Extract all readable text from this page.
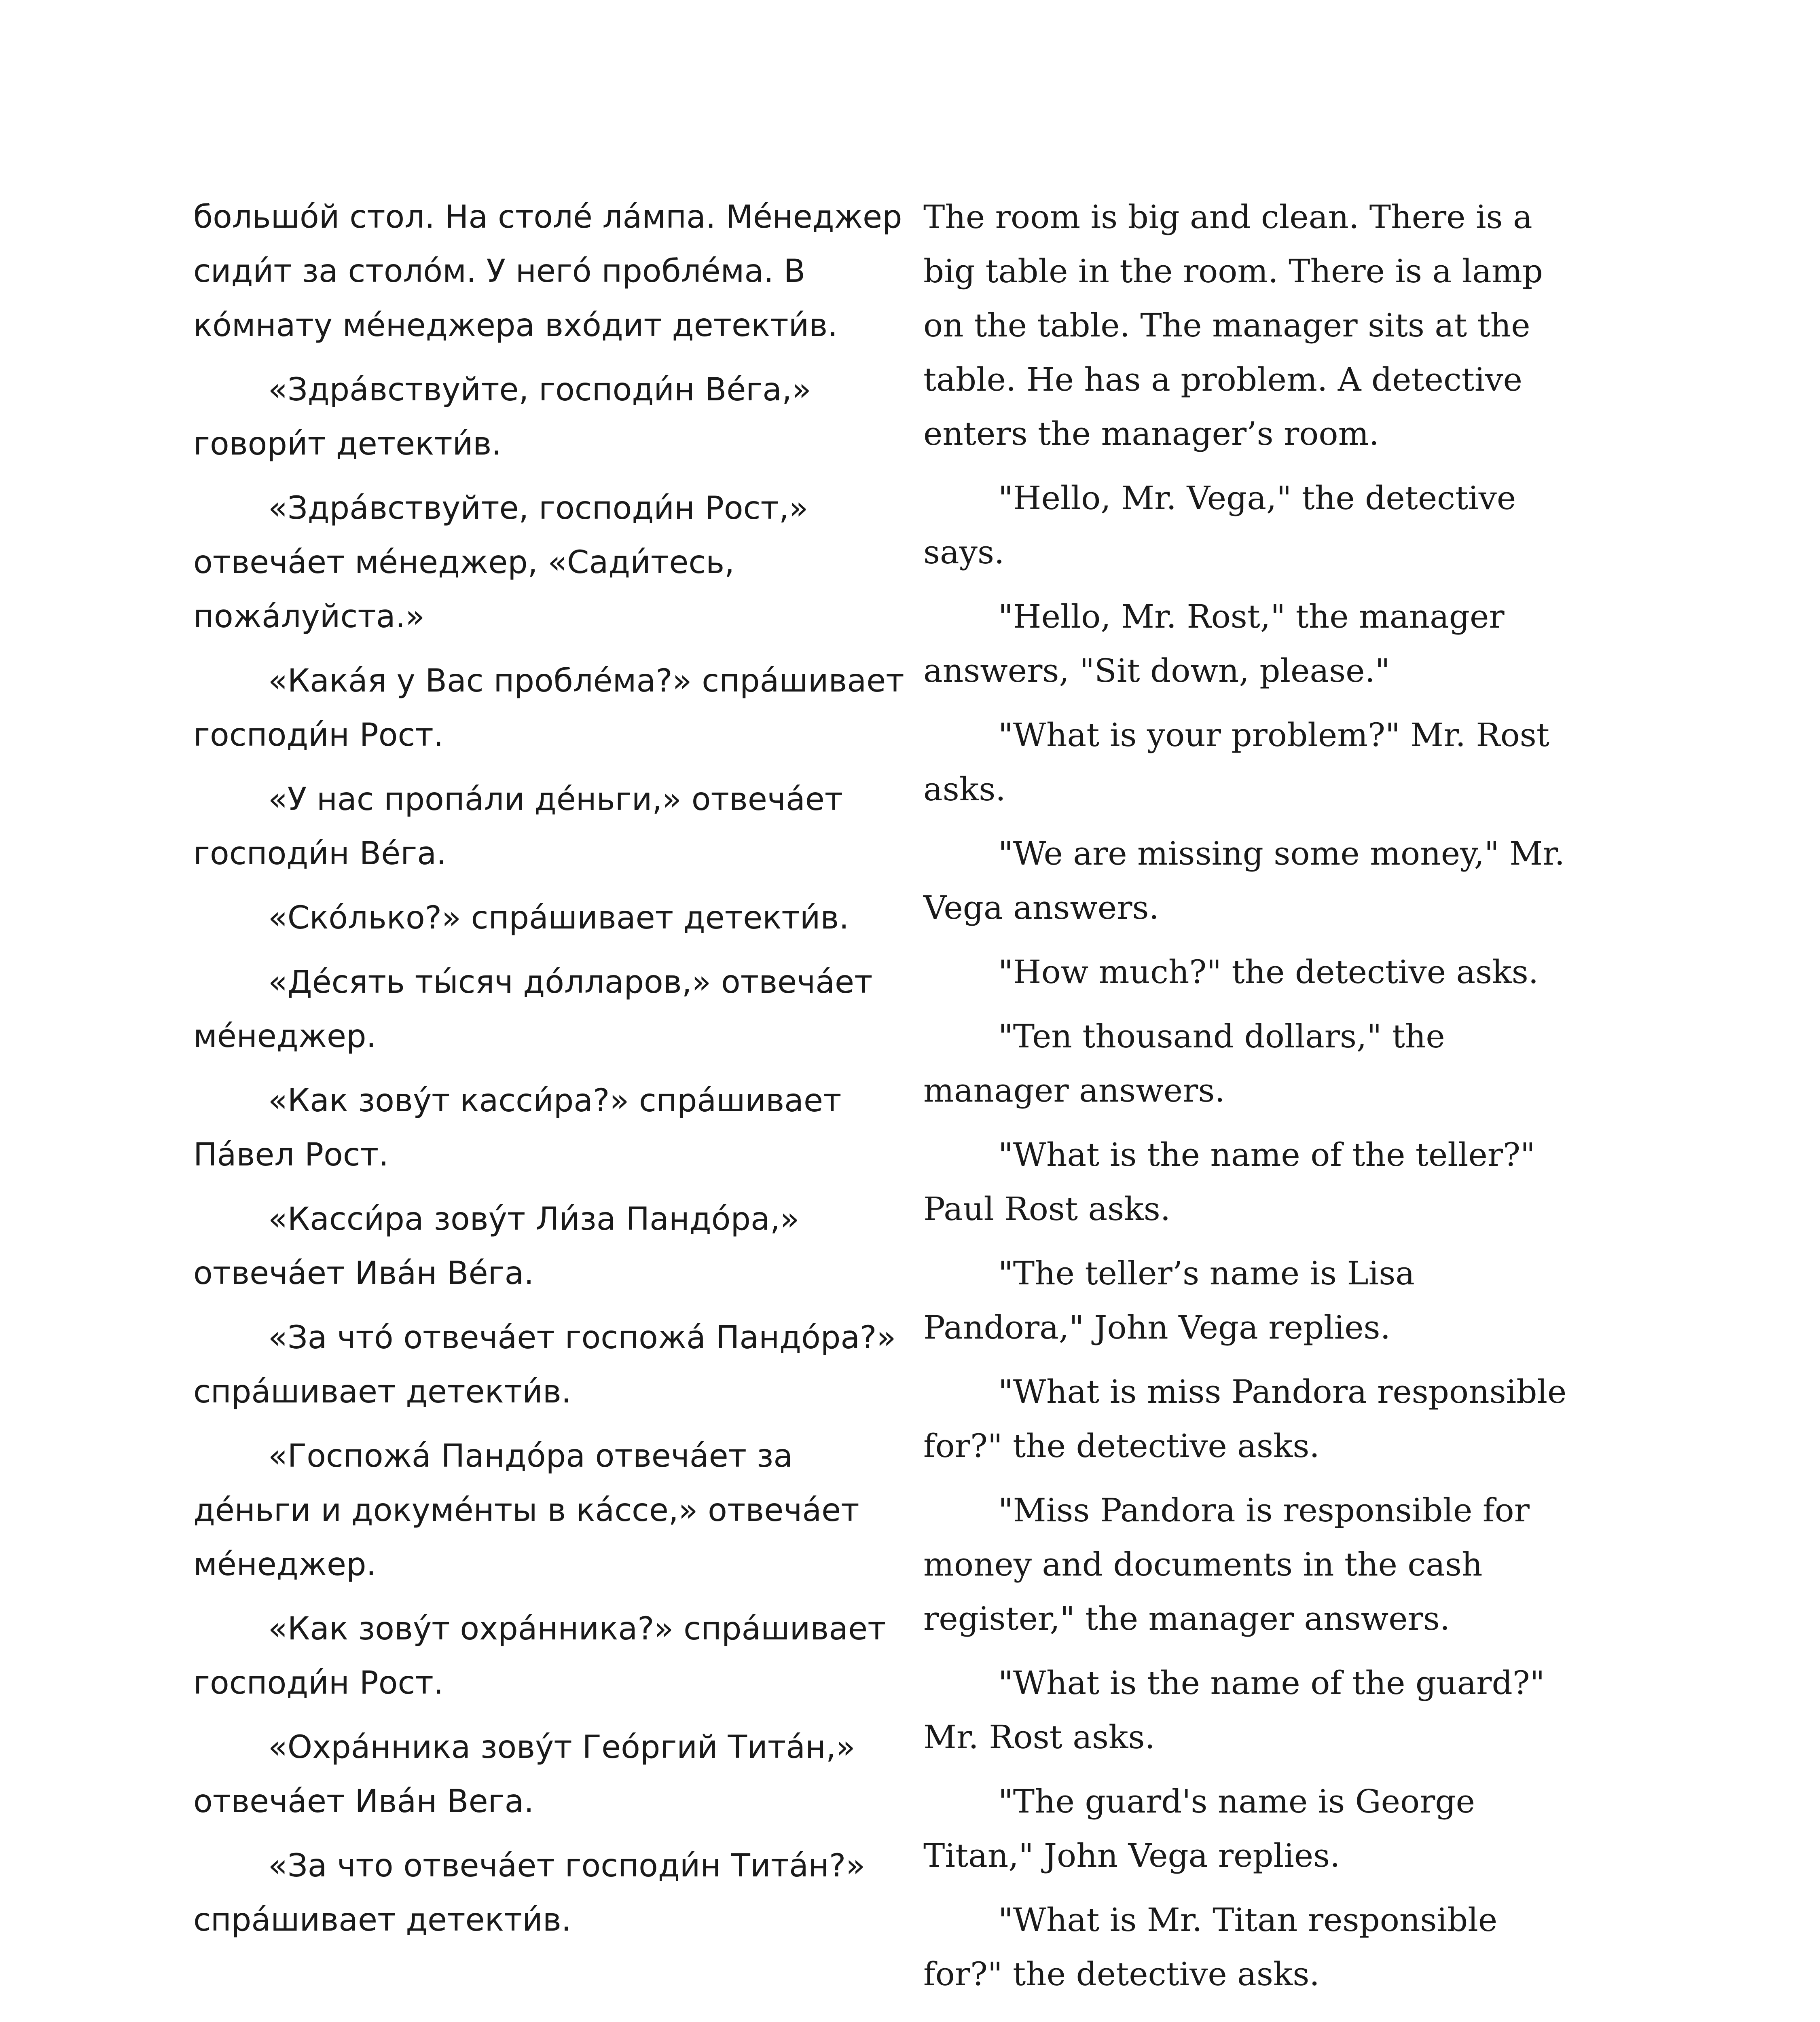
большо́й стол. На столе́ ла́мпа. Ме́неджер сиди́т за столо́м. У него́ пробле́ма. В ко́мнату ме́неджера вхо́дит детекти́в.

«Здра́вствуйте, господи́н Ве́га,» говори́т детекти́в.

«Здра́вствуйте, господи́н Рост,» отвеча́ет ме́неджер, «Сади́тесь, пожа́луйста.»

«Кака́я у Вас пробле́ма?» спра́шивает господи́н Рост.

«У нас пропа́ли де́ньги,» отвеча́ет господи́н Ве́га.

«Ско́лько?» спра́шивает детекти́в.

«Де́сять ты́сяч до́лларов,» отвеча́ет ме́неджер.

«Как зову́т касси́ра?» спра́шивает Па́вел Рост.

«Касси́ра зову́т Ли́за Пандо́ра,» отвеча́ет Ива́н Ве́га.

«За что́ отвеча́ет госпожа́ Пандо́ра?» спра́шивает детекти́в.

«Госпожа́ Пандо́ра отвеча́ет за де́ньги и докуме́нты в ка́ссе,» отвеча́ет ме́неджер.

«Как зову́т охра́нника?» спра́шивает господи́н Рост.

«Охра́нника зову́т Гео́ргий Тита́н,» отвеча́ет Ива́н Вега.

«За что отвеча́ет господи́н Тита́н?» спра́шивает детекти́в.

The room is big and clean. There is a big table in the room. There is a lamp on the table. The manager sits at the table. He has a problem. A detective enters the manager’s room.

"Hello, Mr. Vega," the detective says.

"Hello, Mr. Rost," the manager answers, "Sit down, please."

"What is your problem?" Mr. Rost asks.

"We are missing some money," Mr. Vega answers.

"How much?" the detective asks.

"Ten thousand dollars," the manager answers.

"What is the name of the teller?" Paul Rost asks.

"The teller’s name is Lisa Pandora," John Vega replies.

"What is miss Pandora responsible for?" the detective asks.

"Miss Pandora is responsible for money and documents in the cash register," the manager answers.

"What is the name of the guard?" Mr. Rost asks.

"The guard's name is George Titan," John Vega replies.

"What is Mr. Titan responsible for?" the detective asks.
